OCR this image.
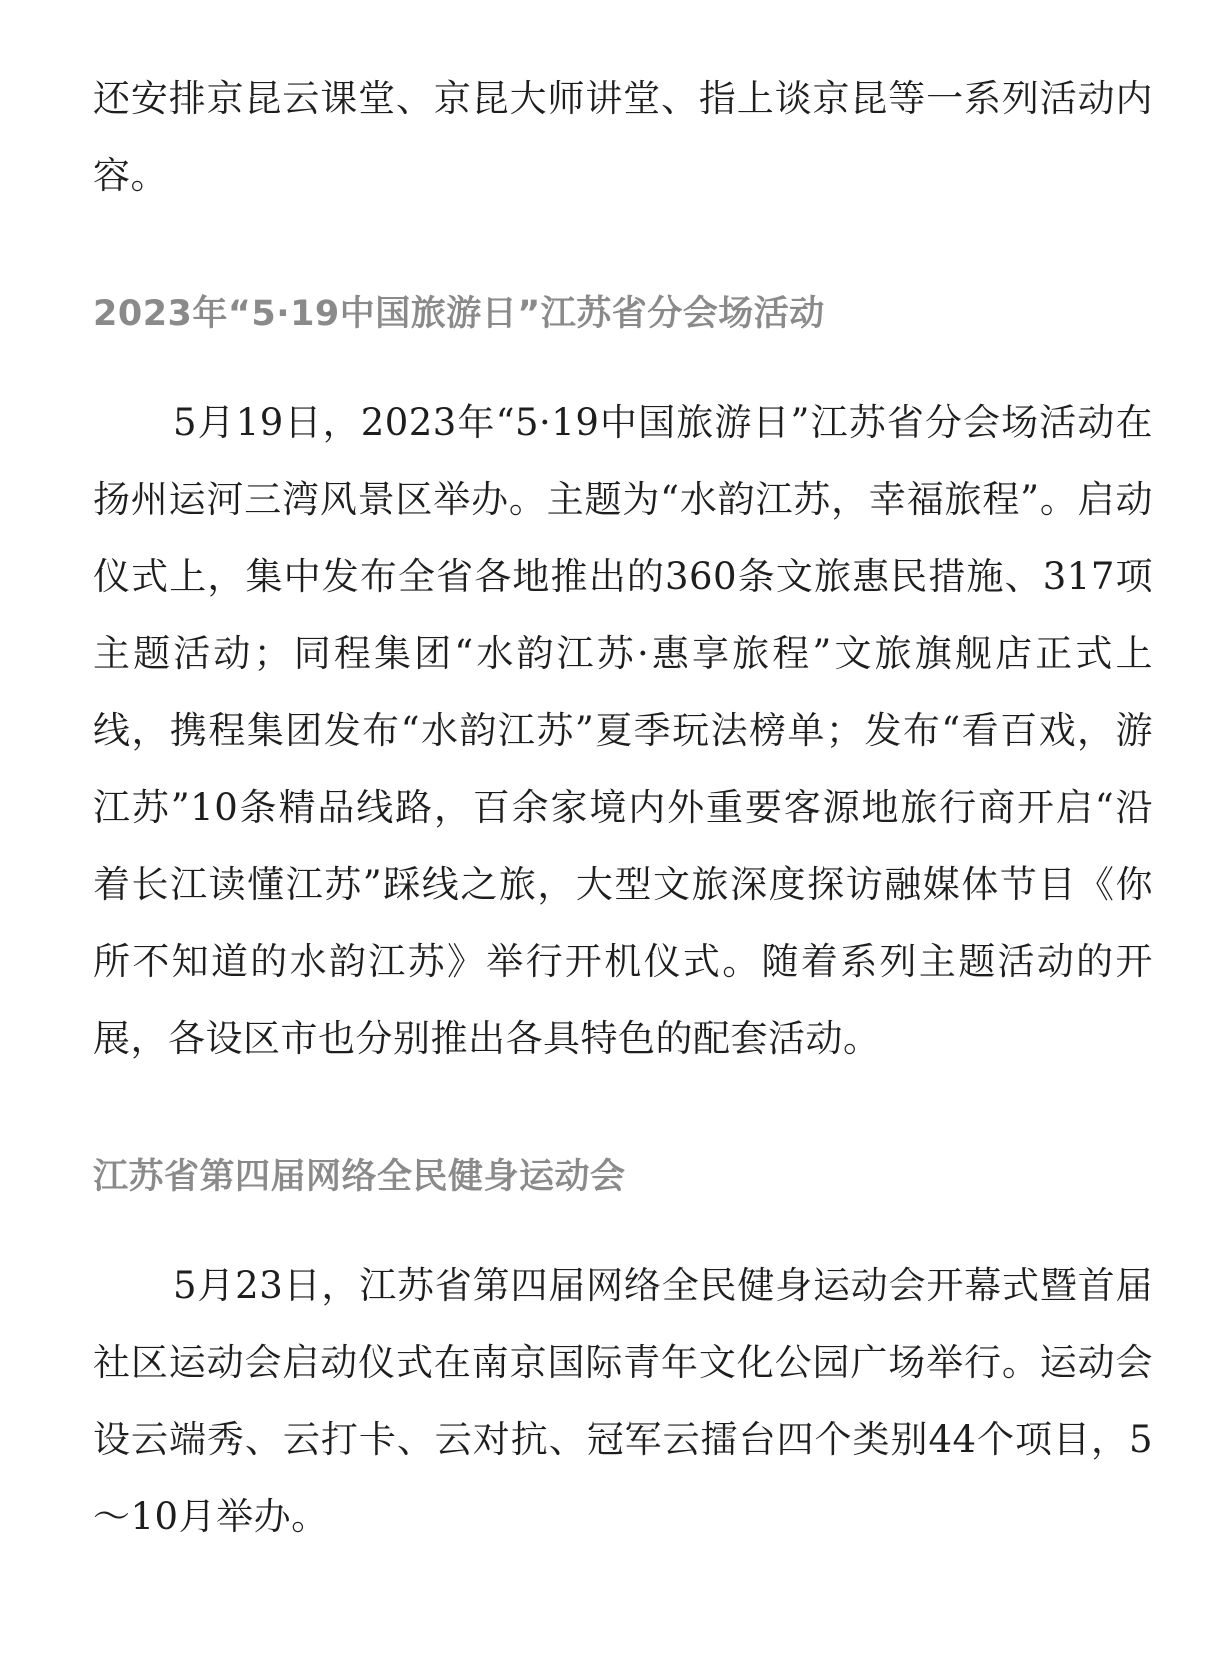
还安排京昆云课堂、京昆大师讲堂、指上谈京昆等一系列活动内容。

2023年“5·19中国旅游日”江苏省分会场活动

5月19日，2023年“5·19中国旅游日”江苏省分会场活动在扬州运河三湾风景区举办。主题为“水韵江苏，幸福旅程”。启动仪式上，集中发布全省各地推出的360条文旅惠民措施、317项主题活动；同程集团“水韵江苏·惠享旅程”文旅旗舰店正式上线，携程集团发布“水韵江苏”夏季玩法榜单；发布“看百戏，游江苏”10条精品线路，百余家境内外重要客源地旅行商开启“沿着长江读懂江苏”踩线之旅，大型文旅深度探访融媒体节目《你所不知道的水韵江苏》举行开机仪式。随着系列主题活动的开展，各设区市也分别推出各具特色的配套活动。

江苏省第四届网络全民健身运动会

5月23日，江苏省第四届网络全民健身运动会开幕式暨首届社区运动会启动仪式在南京国际青年文化公园广场举行。运动会设云端秀、云打卡、云对抗、冠军云擂台四个类别44个项目，5～10月举办。
